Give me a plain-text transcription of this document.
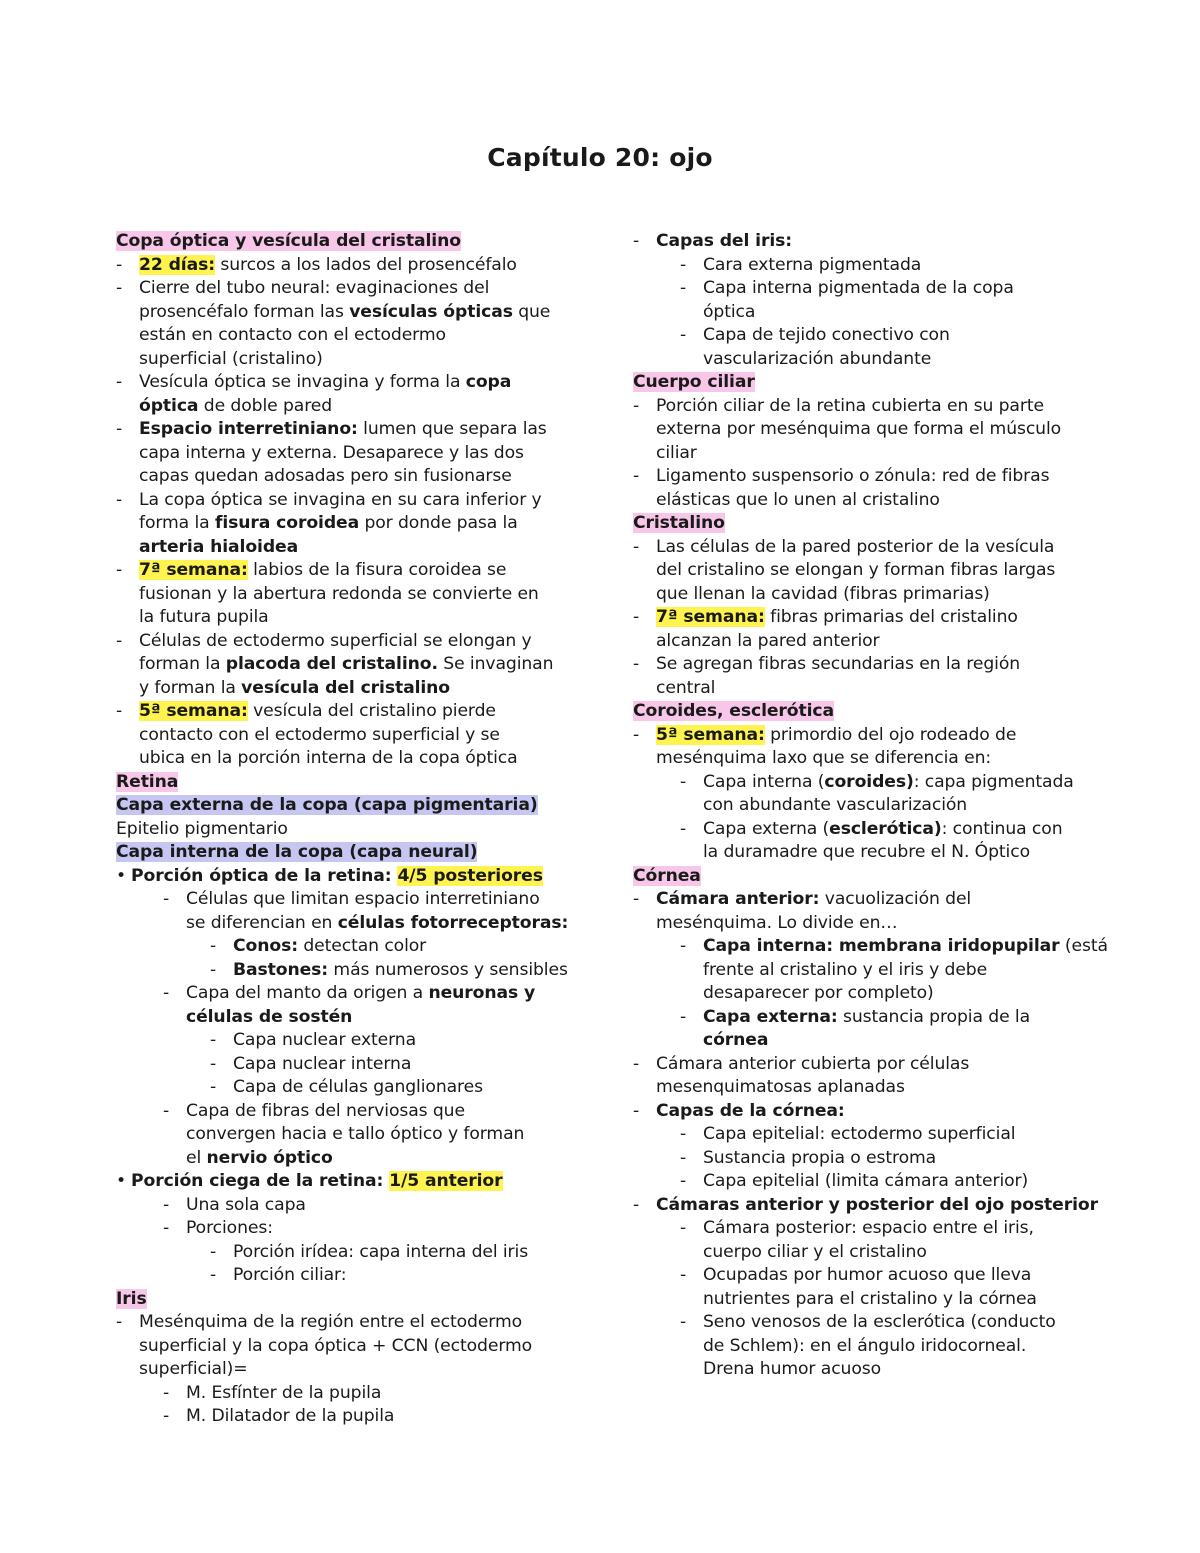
Capítulo 20: ojo
Copa óptica y vesícula del cristalino
- 22 días: surcos a los lados del prosencéfalo
- Cierre del tubo neural: evaginaciones del
prosencéfalo forman las vesículas ópticas que
están en contacto con el ectodermo
superficial (cristalino)
- Vesícula óptica se invagina y forma la copa
óptica de doble pared
- Espacio interretiniano: lumen que separa las
capa interna y externa. Desaparece y las dos
capas quedan adosadas pero sin fusionarse
- La copa óptica se invagina en su cara inferior y
forma la fisura coroidea por donde pasa la
arteria hialoidea
- 7ª semana: labios de la fisura coroidea se
fusionan y la abertura redonda se convierte en
la futura pupila
- Células de ectodermo superficial se elongan y
forman la placoda del cristalino. Se invaginan
y forman la vesícula del cristalino
- 5ª semana: vesícula del cristalino pierde
contacto con el ectodermo superficial y se
ubica en la porción interna de la copa óptica
Retina
Capa externa de la copa (capa pigmentaria)
Epitelio pigmentario
Capa interna de la copa (capa neural)
• Porción óptica de la retina: 4/5 posteriores
- Células que limitan espacio interretiniano
se diferencian en células fotorreceptoras:
- Conos: detectan color
- Bastones: más numerosos y sensibles
- Capa del manto da origen a neuronas y
células de sostén
- Capa nuclear externa
- Capa nuclear interna
- Capa de células ganglionares
- Capa de fibras del nerviosas que
convergen hacia e tallo óptico y forman
el nervio óptico
• Porción ciega de la retina: 1/5 anterior
- Una sola capa
- Porciones:
- Porción irídea: capa interna del iris
- Porción ciliar:
Iris
- Mesénquima de la región entre el ectodermo
superficial y la copa óptica + CCN (ectodermo
superficial)=
- M. Esfínter de la pupila
- M. Dilatador de la pupila
- Capas del iris:
- Cara externa pigmentada
- Capa interna pigmentada de la copa
óptica
- Capa de tejido conectivo con
vascularización abundante
Cuerpo ciliar
- Porción ciliar de la retina cubierta en su parte
externa por mesénquima que forma el músculo
ciliar
- Ligamento suspensorio o zónula: red de fibras
elásticas que lo unen al cristalino
Cristalino
- Las células de la pared posterior de la vesícula
del cristalino se elongan y forman fibras largas
que llenan la cavidad (fibras primarias)
- 7ª semana: fibras primarias del cristalino
alcanzan la pared anterior
- Se agregan fibras secundarias en la región
central
Coroides, esclerótica
- 5ª semana: primordio del ojo rodeado de
mesénquima laxo que se diferencia en:
- Capa interna (coroides): capa pigmentada
con abundante vascularización
- Capa externa (esclerótica): continua con
la duramadre que recubre el N. Óptico
Córnea
- Cámara anterior: vacuolización del
mesénquima. Lo divide en…
- Capa interna: membrana iridopupilar (está
frente al cristalino y el iris y debe
desaparecer por completo)
- Capa externa: sustancia propia de la
córnea
- Cámara anterior cubierta por células
mesenquimatosas aplanadas
- Capas de la córnea:
- Capa epitelial: ectodermo superficial
- Sustancia propia o estroma
- Capa epitelial (limita cámara anterior)
- Cámaras anterior y posterior del ojo posterior
- Cámara posterior: espacio entre el iris,
cuerpo ciliar y el cristalino
- Ocupadas por humor acuoso que lleva
nutrientes para el cristalino y la córnea
- Seno venosos de la esclerótica (conducto
de Schlem): en el ángulo iridocorneal.
Drena humor acuoso
